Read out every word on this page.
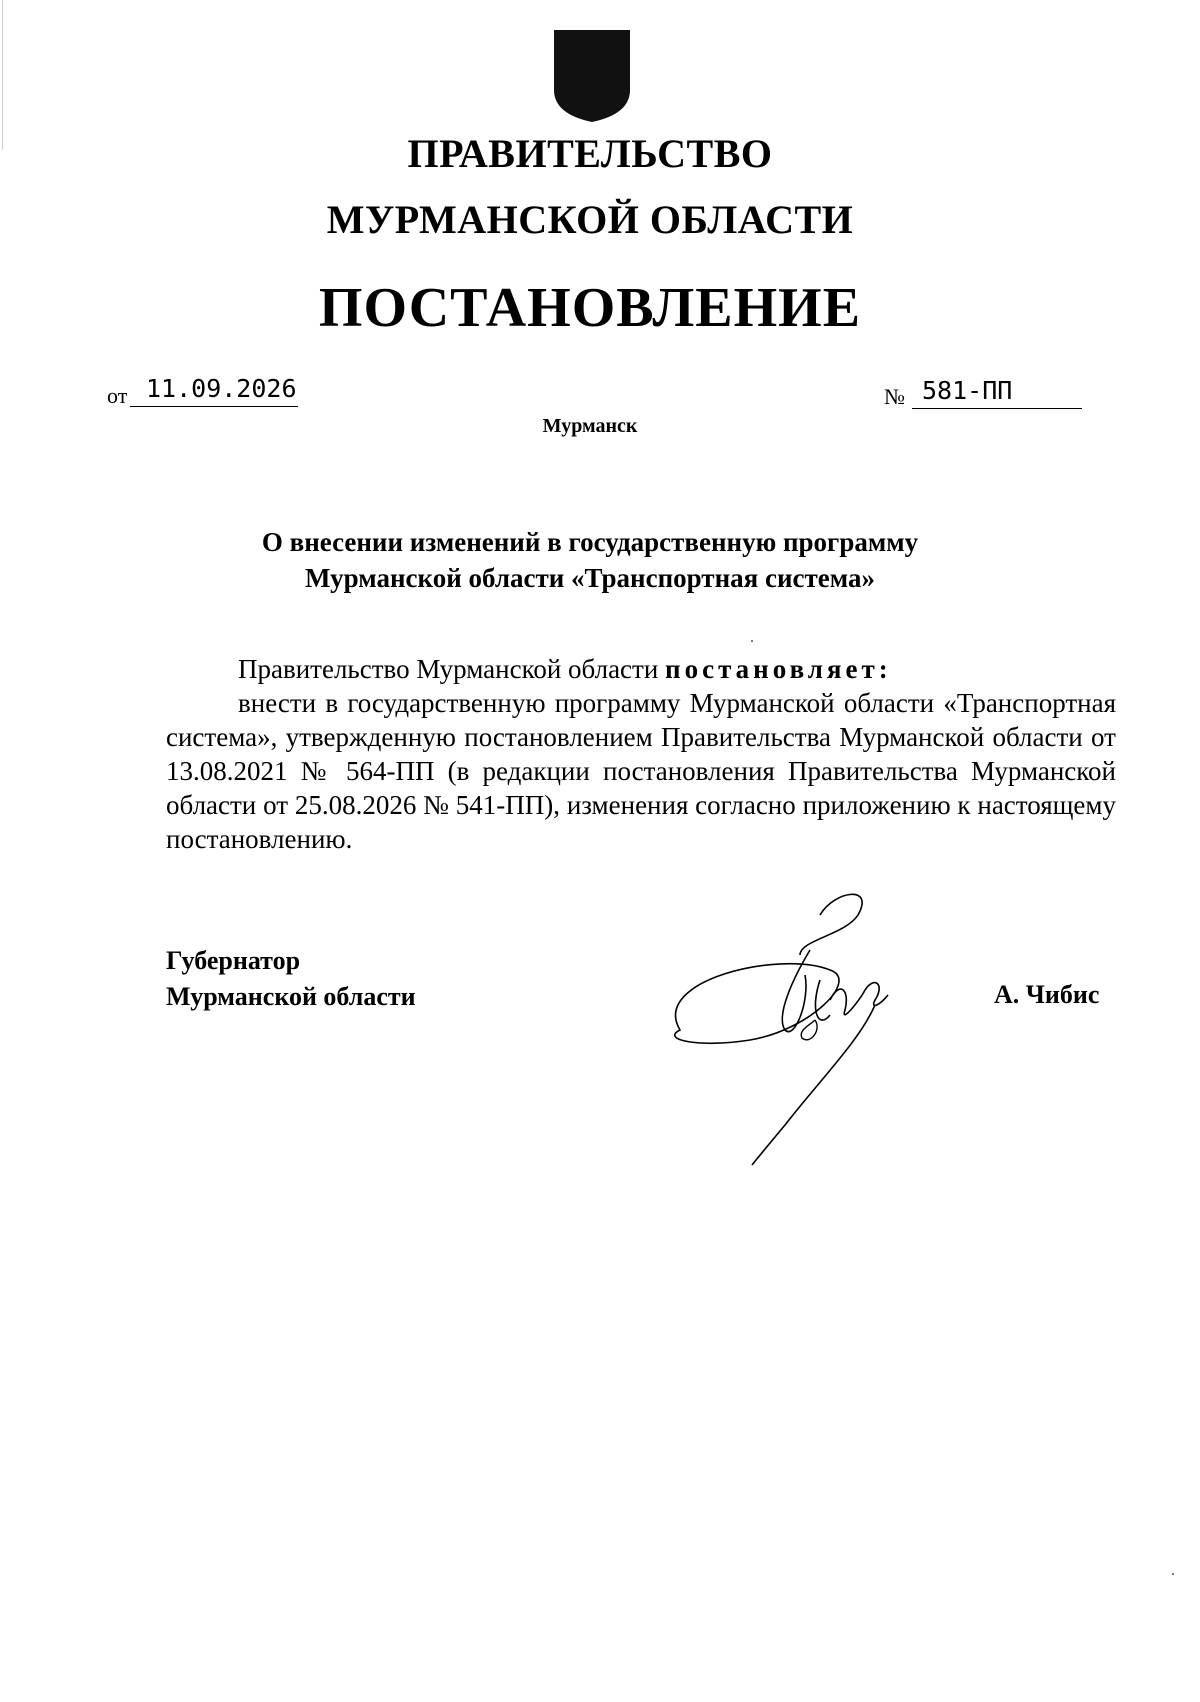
ПРАВИТЕЛЬСТВО
МУРМАНСКОЙ ОБЛАСТИ
ПОСТАНОВЛЕНИЕ
от 11.09.2026	№ 581-ПП
Мурманск
О внесении изменений в государственную программу
Мурманской области «Транспортная система»

Правительство Мурманской области постановляет:

внести в государственную программу Мурманской области «Транспортная система», утвержденную постановлением Правительства Мурманской области от 13.08.2021 № 564-ПП (в редакции постановления Правительства Мурманской области от 25.08.2026 № 541-ПП), изменения согласно приложению к настоящему постановлению.

Губернатор
Мурманской области	А. Чибис
